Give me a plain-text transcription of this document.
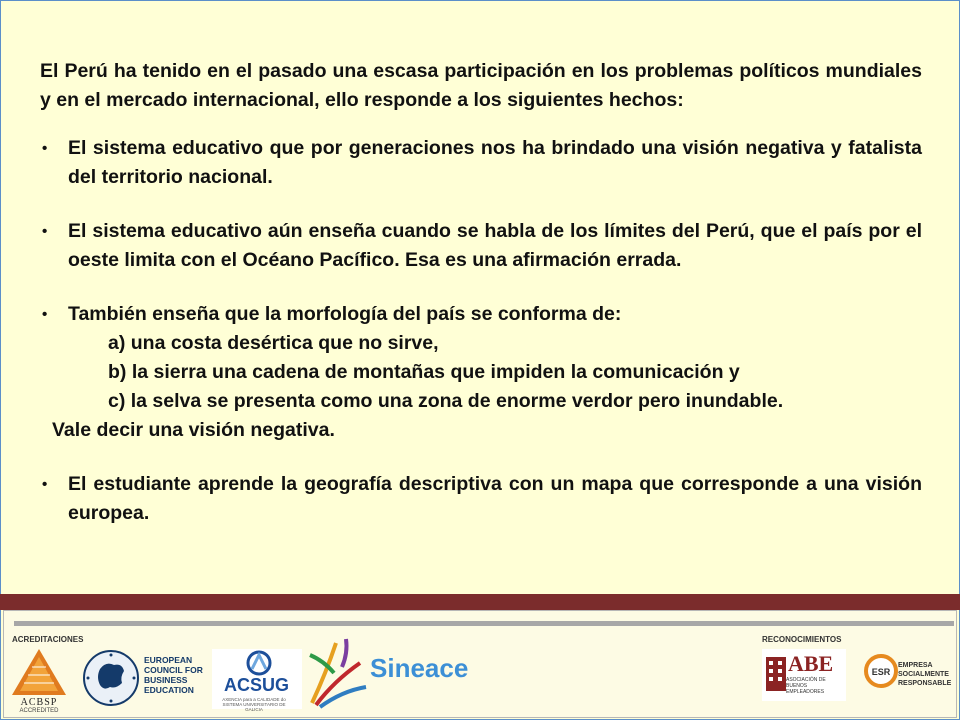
El Perú ha tenido en el pasado una escasa participación en los problemas políticos mundiales y en el mercado internacional, ello responde a los siguientes hechos:

• El sistema educativo que por generaciones nos ha brindado una visión negativa y fatalista del territorio nacional.
• El sistema educativo aún enseña cuando se habla de los límites del Perú, que el país por el oeste limita con el Océano Pacífico. Esa es una afirmación errada.
• También enseña que la morfología del país se conforma de:

a) una costa desértica que no sirve,

b) la sierra una cadena de montañas que impiden la comunicación y

c) la selva se presenta como una zona de enorme verdor pero inundable.

Vale decir una visión negativa.

• El estudiante aprende la geografía descriptiva con un mapa que corresponde a una visión europea.
ACREDITACIONES	RECONOCIMIENTOS
ACBSP
ACCREDITED
EUROPEAN
COUNCIL FOR
BUSINESS
EDUCATION	ACSUG
AXENCIA para a CALIDADE do SISTEMA UNIVERSITARIO DE GALICIA
Sineace	ABE
ASOCIACIÓN DE
BUENOS EMPLEADORES
ESR
EMPRESA
SOCIALMENTE
RESPONSABLE
